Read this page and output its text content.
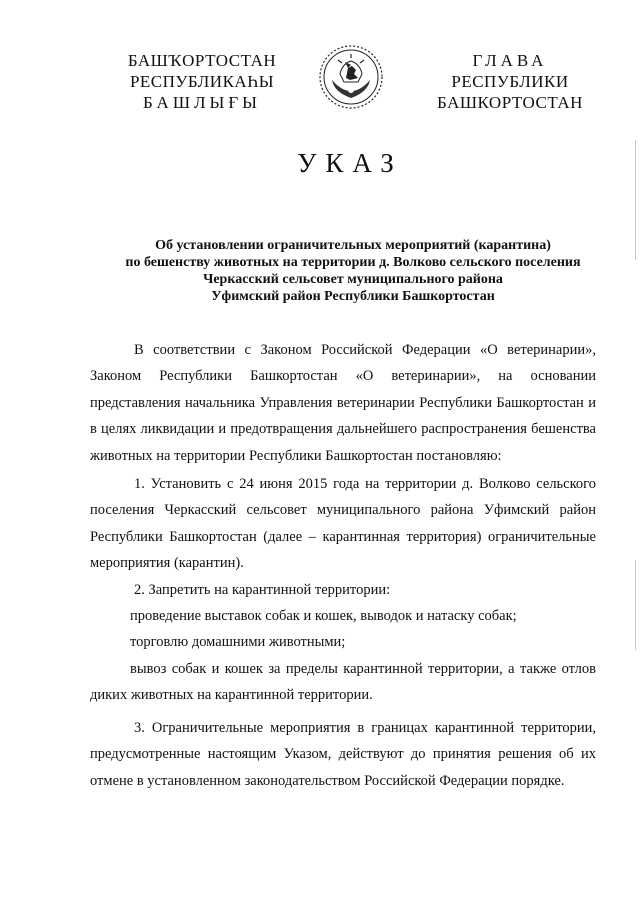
БАШҠОРТОСТАН
РЕСПУБЛИКАҺЫ
БАШЛЫҒЫ
ГЛАВА
РЕСПУБЛИКИ
БАШКОРТОСТАН
УКАЗ
Об установлении ограничительных мероприятий (карантина)
по бешенству животных на территории д. Волково сельского поселения
Черкасский сельсовет муниципального района
Уфимский район Республики Башкортостан

В соответствии с Законом Российской Федерации «О ветеринарии», Законом Республики Башкортостан «О ветеринарии», на основании представления начальника Управления ветеринарии Республики Башкортостан и в целях ликвидации и предотвращения дальнейшего распространения бешенства животных на территории Республики Башкортостан постановляю:

1. Установить с 24 июня 2015 года на территории д. Волково сельского поселения Черкасский сельсовет муниципального района Уфимский район Республики Башкортостан (далее – карантинная территория) ограничительные мероприятия (карантин).

2. Запретить на карантинной территории:

проведение выставок собак и кошек, выводок и натаску собак;

торговлю домашними животными;

вывоз собак и кошек за пределы карантинной территории, а также отлов диких животных на карантинной территории.

3. Ограничительные мероприятия в границах карантинной территории, предусмотренные настоящим Указом, действуют до принятия решения об их отмене в установленном законодательством Российской Федерации порядке.
